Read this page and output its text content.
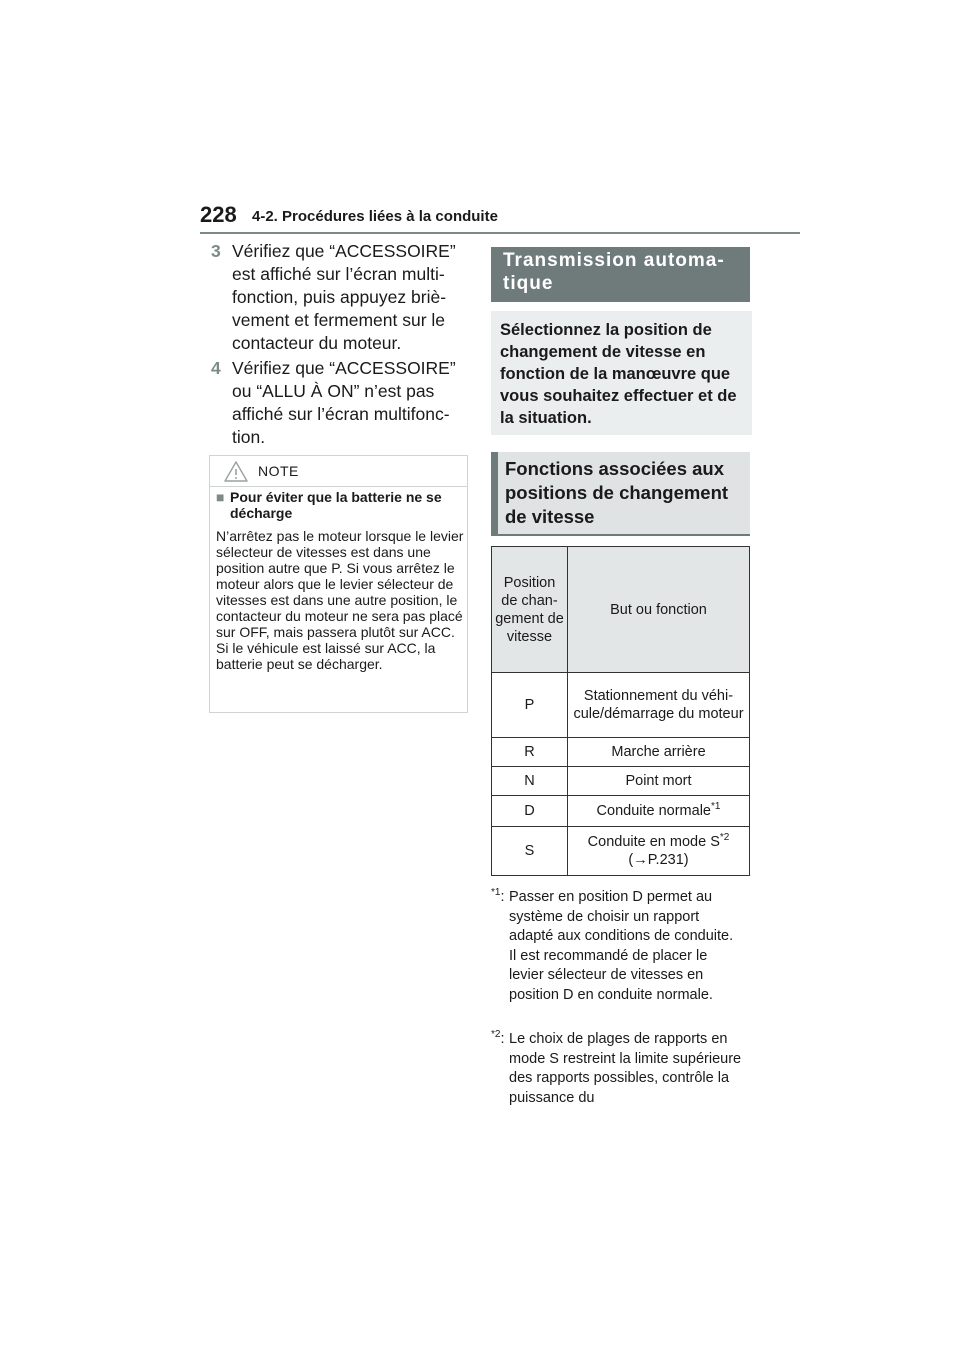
228 4-2. Procédures liées à la conduite
3 Vérifiez que “ACCESSOIRE” est affiché sur l’écran multifonction, puis appuyez brièvement et fermement sur le contacteur du moteur.
4 Vérifiez que “ACCESSOIRE” ou “ALLU À ON” n’est pas affiché sur l’écran multifonction.
NOTE
■ Pour éviter que la batterie ne se décharge
N’arrêtez pas le moteur lorsque le levier sélecteur de vitesses est dans une position autre que P. Si vous arrêtez le moteur alors que le levier sélecteur de vitesses est dans une autre position, le contacteur du moteur ne sera pas placé sur OFF, mais passera plutôt sur ACC. Si le véhicule est laissé sur ACC, la batterie peut se décharger.
Transmission automatique
Sélectionnez la position de changement de vitesse en fonction de la manœuvre que vous souhaitez effectuer et de la situation.
Fonctions associées aux positions de changement de vitesse
Position de changement de vitesse	But ou fonction
P	Stationnement du véhicule/démarrage du moteur
R	Marche arrière
N	Point mort
D	Conduite normale$^{*1}$
S	Conduite en mode $S^{*2}$
(→P.231)
$^{*1}$: Passer en position D permet au système de choisir un rapport adapté aux conditions de conduite. Il est recommandé de placer le levier sélecteur de vitesses en position D en conduite normale.
$^{*2}$: Le choix de plages de rapports en mode S restreint la limite supérieure des rapports possibles, contrôle la puissance du
